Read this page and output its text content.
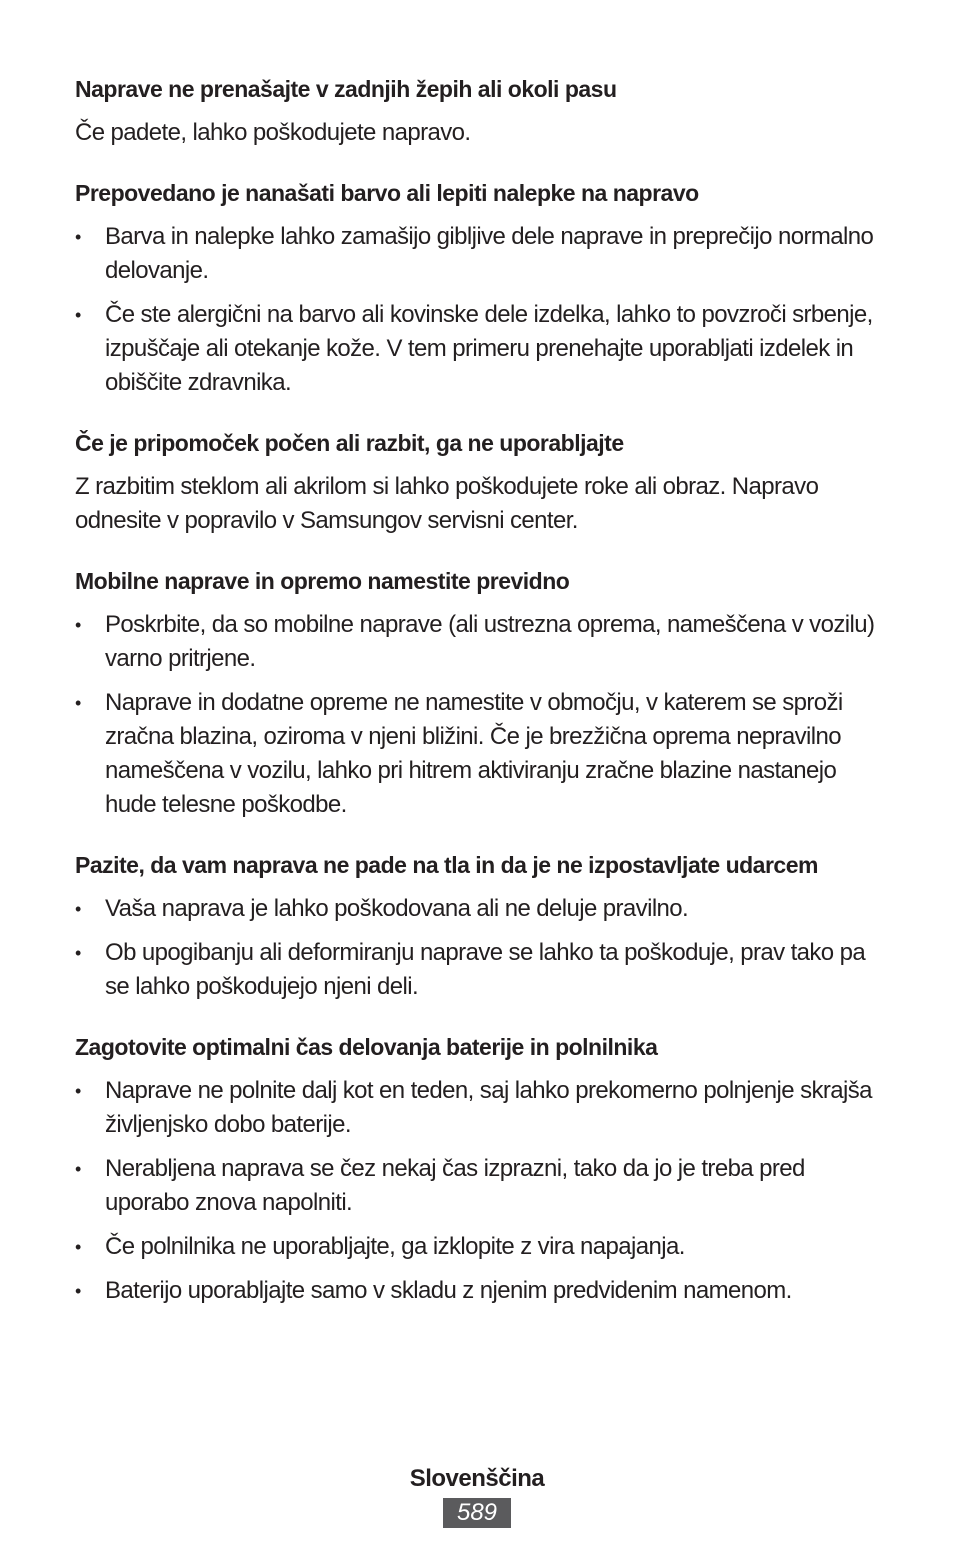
Naprave ne prenašajte v zadnjih žepih ali okoli pasu

Če padete, lahko poškodujete napravo.

Prepovedano je nanašati barvo ali lepiti nalepke na napravo
• Barva in nalepke lahko zamašijo gibljive dele naprave in preprečijo normalno delovanje.
• Če ste alergični na barvo ali kovinske dele izdelka, lahko to povzroči srbenje, izpuščaje ali otekanje kože. V tem primeru prenehajte uporabljati izdelek in obiščite zdravnika.
Če je pripomoček počen ali razbit, ga ne uporabljajte

Z razbitim steklom ali akrilom si lahko poškodujete roke ali obraz. Napravo odnesite v popravilo v Samsungov servisni center.

Mobilne naprave in opremo namestite previdno
• Poskrbite, da so mobilne naprave (ali ustrezna oprema, nameščena v vozilu) varno pritrjene.
• Naprave in dodatne opreme ne namestite v območju, v katerem se sproži zračna blazina, oziroma v njeni bližini. Če je brezžična oprema nepravilno nameščena v vozilu, lahko pri hitrem aktiviranju zračne blazine nastanejo hude telesne poškodbe.
Pazite, da vam naprava ne pade na tla in da je ne izpostavljate udarcem
• Vaša naprava je lahko poškodovana ali ne deluje pravilno.
• Ob upogibanju ali deformiranju naprave se lahko ta poškoduje, prav tako pa se lahko poškodujejo njeni deli.
Zagotovite optimalni čas delovanja baterije in polnilnika
• Naprave ne polnite dalj kot en teden, saj lahko prekomerno polnjenje skrajša življenjsko dobo baterije.
• Nerabljena naprava se čez nekaj čas izprazni, tako da jo je treba pred uporabo znova napolniti.
• Če polnilnika ne uporabljajte, ga izklopite z vira napajanja.
• Baterijo uporabljajte samo v skladu z njenim predvidenim namenom.
Slovenščina
589
